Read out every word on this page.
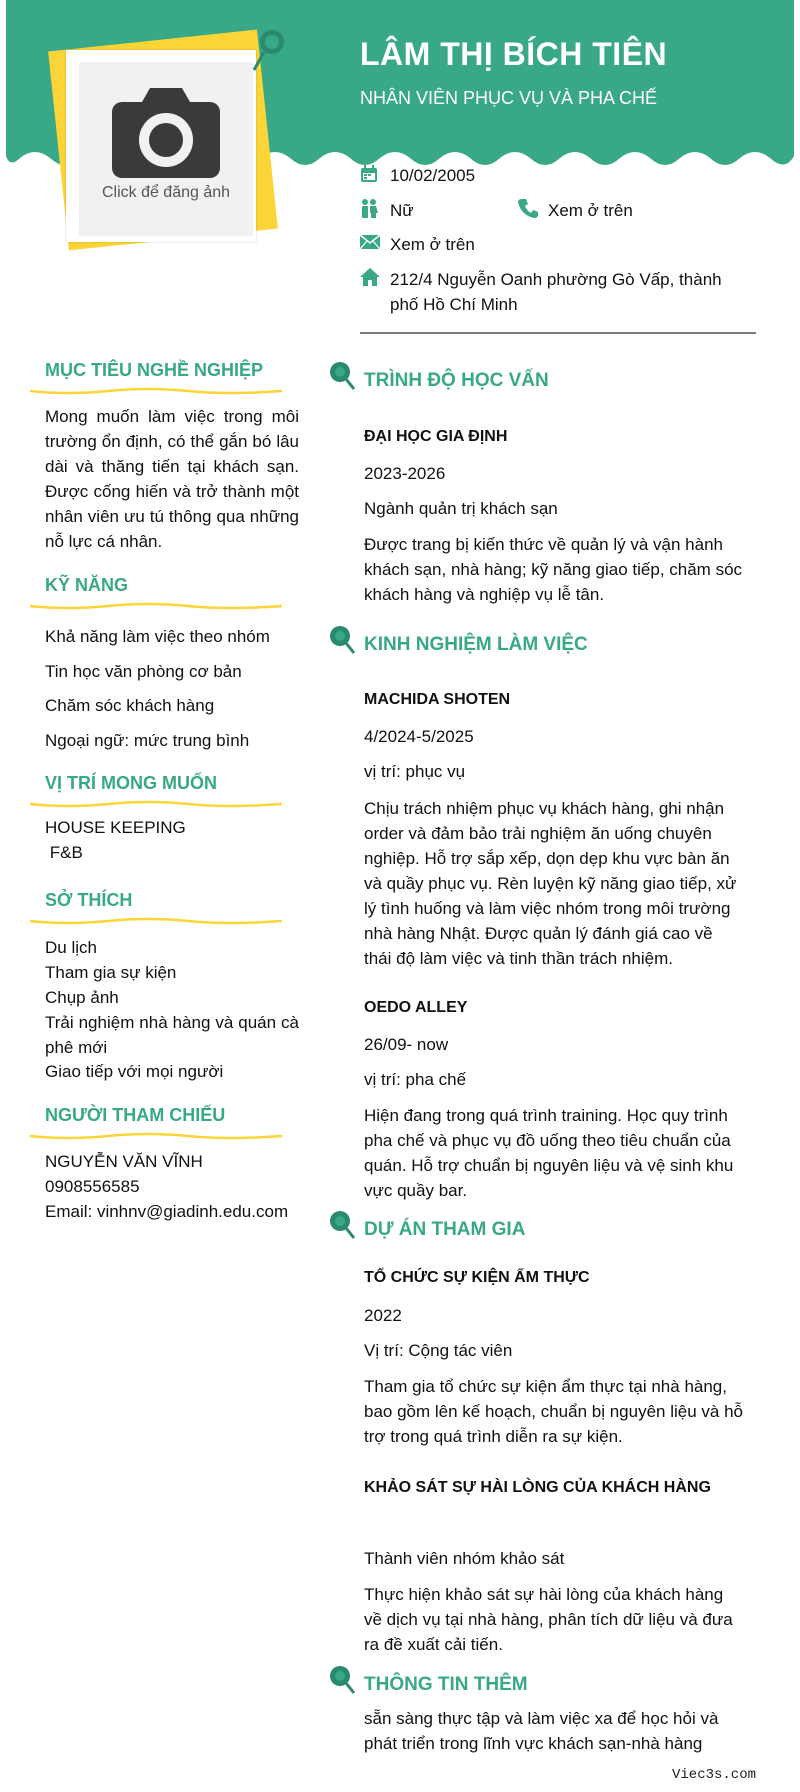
Click để đăng ảnh
LÂM THỊ BÍCH TIÊN
NHÂN VIÊN PHỤC VỤ VÀ PHA CHẾ
10/02/2005
Nữ	Xem ở trên
Xem ở trên
212/4 Nguyễn Oanh phường Gò Vấp, thành phố Hồ Chí Minh
MỤC TIÊU NGHỀ NGHIỆP
Mong muốn làm việc trong môi trường ổn định, có thể gắn bó lâu dài và thăng tiến tại khách sạn. Được cống hiến và trở thành một nhân viên ưu tú thông qua những nỗ lực cá nhân.
KỸ NĂNG
Khả năng làm việc theo nhóm
Tin học văn phòng cơ bản
Chăm sóc khách hàng
Ngoại ngữ: mức trung bình
VỊ TRÍ MONG MUỐN
HOUSE KEEPING
F&B
SỞ THÍCH
Du lịch
Tham gia sự kiện
Chụp ảnh
Trải nghiệm nhà hàng và quán cà phê mới
Giao tiếp với mọi người
NGƯỜI THAM CHIẾU
NGUYỄN VĂN VĨNH
0908556585
Email: vinhnv@giadinh.edu.com
TRÌNH ĐỘ HỌC VẤN
ĐẠI HỌC GIA ĐỊNH
2023-2026
Ngành quản trị khách sạn
Được trang bị kiến thức về quản lý và vận hành khách sạn, nhà hàng; kỹ năng giao tiếp, chăm sóc khách hàng và nghiệp vụ lễ tân.
KINH NGHIỆM LÀM VIỆC
MACHIDA SHOTEN
4/2024-5/2025
vị trí: phục vụ
Chịu trách nhiệm phục vụ khách hàng, ghi nhận order và đảm bảo trải nghiệm ăn uống chuyên nghiệp. Hỗ trợ sắp xếp, dọn dẹp khu vực bàn ăn và quầy phục vụ. Rèn luyện kỹ năng giao tiếp, xử lý tình huống và làm việc nhóm trong môi trường nhà hàng Nhật. Được quản lý đánh giá cao về thái độ làm việc và tinh thần trách nhiệm.
OEDO ALLEY
26/09- now
vị trí: pha chế
Hiện đang trong quá trình training. Học quy trình pha chế và phục vụ đồ uống theo tiêu chuẩn của quán. Hỗ trợ chuẩn bị nguyên liệu và vệ sinh khu vực quầy bar.
DỰ ÁN THAM GIA
TỔ CHỨC SỰ KIỆN ẨM THỰC
2022
Vị trí: Cộng tác viên
Tham gia tổ chức sự kiện ẩm thực tại nhà hàng, bao gồm lên kế hoạch, chuẩn bị nguyên liệu và hỗ trợ trong quá trình diễn ra sự kiện.
KHẢO SÁT SỰ HÀI LÒNG CỦA KHÁCH HÀNG
Thành viên nhóm khảo sát
Thực hiện khảo sát sự hài lòng của khách hàng về dịch vụ tại nhà hàng, phân tích dữ liệu và đưa ra đề xuất cải tiến.
THÔNG TIN THÊM
sẵn sàng thực tập và làm việc xa để học hỏi và phát triển trong lĩnh vực khách sạn-nhà hàng
Viec3s.com
